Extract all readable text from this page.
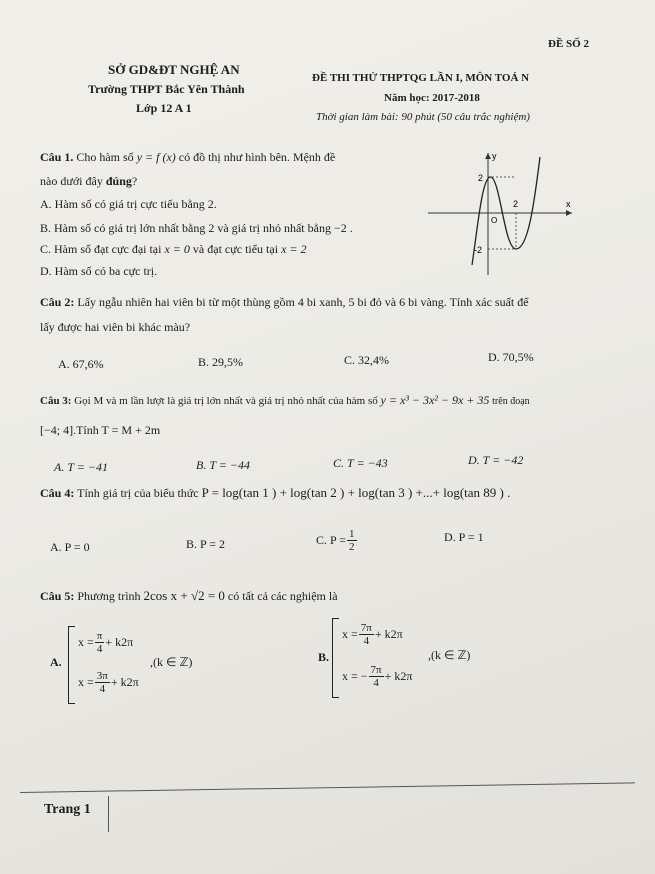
ĐỀ SỐ 2
SỞ GD&ĐT NGHỆ AN
Trường THPT Bắc Yên Thành
Lớp 12 A 1
ĐỀ THI THỬ THPTQG LẦN I, MÔN TOÁ N
Năm học: 2017-2018
Thời gian làm bài: 90 phút (50 câu trắc nghiệm)
Câu 1. Cho hàm số y = f (x) có đồ thị như hình bên. Mệnh đề
nào dưới đây đúng?
A. Hàm số có giá trị cực tiểu bằng 2.
B. Hàm số có giá trị lớn nhất bằng 2 và giá trị nhỏ nhất bằng −2 .
C. Hàm số đạt cực đại tại x = 0 và đạt cực tiểu tại x = 2
D. Hàm số có ba cực trị.
y
2
2
O
-2
x
Câu 2: Lấy ngẫu nhiên hai viên bi từ một thùng gồm 4 bi xanh, 5 bi đỏ và 6 bi vàng. Tính xác suất để
lấy được hai viên bi khác màu?
A. 67,6%	B. 29,5%	C. 32,4%	D. 70,5%
Câu 3: Gọi M và m lần lượt là giá trị lớn nhất và giá trị nhỏ nhất của hàm số y = x³ − 3x² − 9x + 35 trên đoạn
[−4; 4].Tính T = M + 2m
A. T = −41	B. T = −44	C. T = −43	D. T = −42
Câu 4: Tính giá trị của biểu thức P = log(tan 1 ) + log(tan 2 ) + log(tan 3 ) +...+ log(tan 89 ) .
A. P = 0	B. P = 2	C. $P = \frac{1}{2}$	D. P = 1
Câu 5: Phương trình 2cos x + √2 = 0 có tất cả các nghiệm là
A.
$x = \frac{\pi}{4} + k2\pi$
$x = \frac{3\pi}{4} + k2\pi$
,(k ∈ ℤ)	B.
$x = \frac{7\pi}{4} + k2\pi$
x = − $\frac{7\pi}{4} + k2\pi$
,(k ∈ ℤ)
Trang 1
